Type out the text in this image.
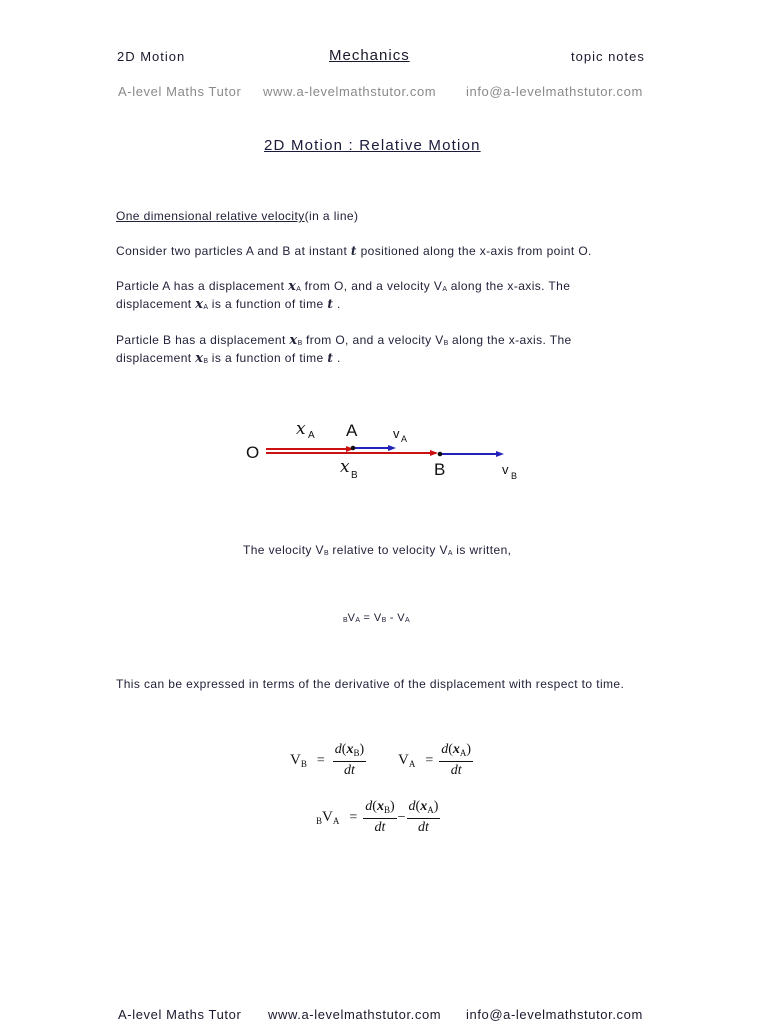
2D Motion	Mechanics	topic notes
A-level Maths Tutor www.a-levelmathstutor.com info@a-levelmathstutor.com
2D Motion : Relative Motion
One dimensional relative velocity(in a line)
Consider two particles A and B at instant t positioned along the x-axis from point O.
Particle A has a displacement $x_A$ from O, and a velocity $V_A$ along the x-axis. The
displacement $x_A$ is a function of time t .
Particle B has a displacement $x_B$ from O, and a velocity $V_B$ along the x-axis. The
displacement $x_B$ is a function of time t .
O
x A A	v A
x B	B	v B
The velocity $V_B$ relative to velocity $V_A$ is written,
$_BV_A = V_B - V_A$
This can be expressed in terms of the derivative of the displacement with respect to time.
VB = $\frac{d(x_B)}{dt}$ VA = $\frac{d(x_A)}{dt}$
BVA = $\frac{d(x_B)}{dt} - \frac{d(x_A)}{dt}$
A-level Maths Tutor www.a-levelmathstutor.com info@a-levelmathstutor.com
